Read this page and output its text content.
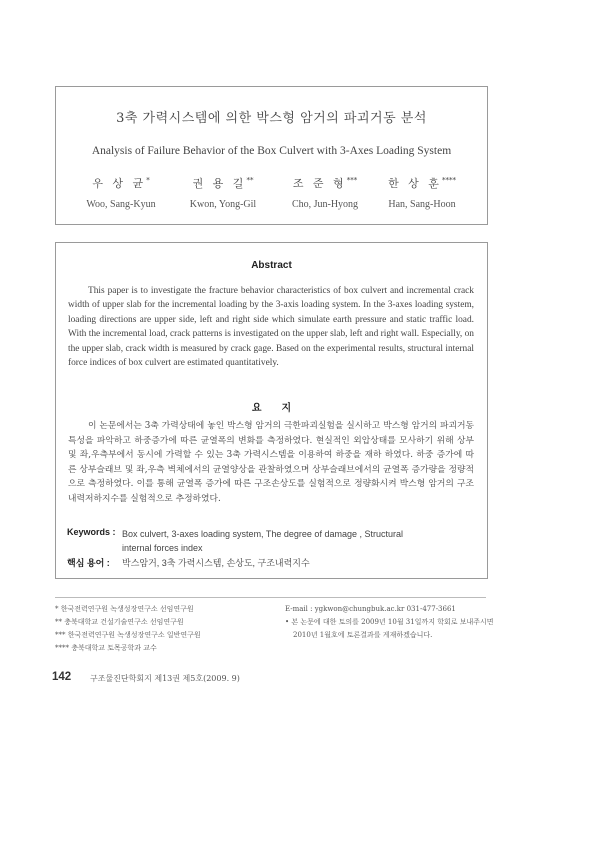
3축 가력시스템에 의한 박스형 암거의 파괴거동 분석
Analysis of Failure Behavior of the Box Culvert with 3-Axes Loading System
우 상 균*
Woo, Sang-Kyun
권 용 길**
Kwon, Yong-Gil
조 준 형***
Cho, Jun-Hyong
한 상 훈****
Han, Sang-Hoon
Abstract

This paper is to investigate the fracture behavior characteristics of box culvert and incremental crack width of upper slab for the incremental loading by the 3-axis loading system. In the 3-axes loading system, loading directions are upper side, left and right side which simulate earth pressure and static traffic load. With the incremental load, crack patterns is investigated on the upper slab, left and right wall. Especially, on the upper slab, crack width is measured by crack gage. Based on the experimental results, structural internal force indices of box culvert are estimated quantitatively.

요　　지

이 논문에서는 3축 가력상태에 놓인 박스형 암거의 극한파괴실험을 실시하고 박스형 암거의 파괴거동특성을 파악하고 하중증가에 따른 균열폭의 변화를 측정하였다. 현실적인 외압상태를 모사하기 위해 상부 및 좌,우측부에서 동시에 가력할 수 있는 3축 가력시스템을 이용하여 하중을 재하 하였다. 하중 증가에 따른 상부슬래브 및 좌,우측 벽체에서의 균열양상을 관찰하였으며 상부슬래브에서의 균열폭 증가량을 정량적으로 측정하였다. 이를 통해 균열폭 증가에 따른 구조손상도를 실험적으로 정량화시켜 박스형 암거의 구조내력저하지수를 실험적으로 추정하였다.

Keywords : Box culvert, 3-axes loading system, The degree of damage , Structural
internal forces index
핵심 용어 : 박스암거, 3축 가력시스템, 손상도, 구조내력지수
* 한국전력연구원 녹생성장연구소 선임연구원
** 충북대학교 건설기술연구소 선임연구원
*** 한국전력연구원 녹생성장연구소 일반연구원
**** 충북대학교 토목공학과 교수
E-mail : ygkwon@chungbuk.ac.kr 031-477-3661
• 본 논문에 대한 토의를 2009년 10월 31일까지 학회로 보내주시면
2010년 1월호에 토론결과를 게재하겠습니다.
142 구조물진단학회지 제13권 제5호(2009. 9)
